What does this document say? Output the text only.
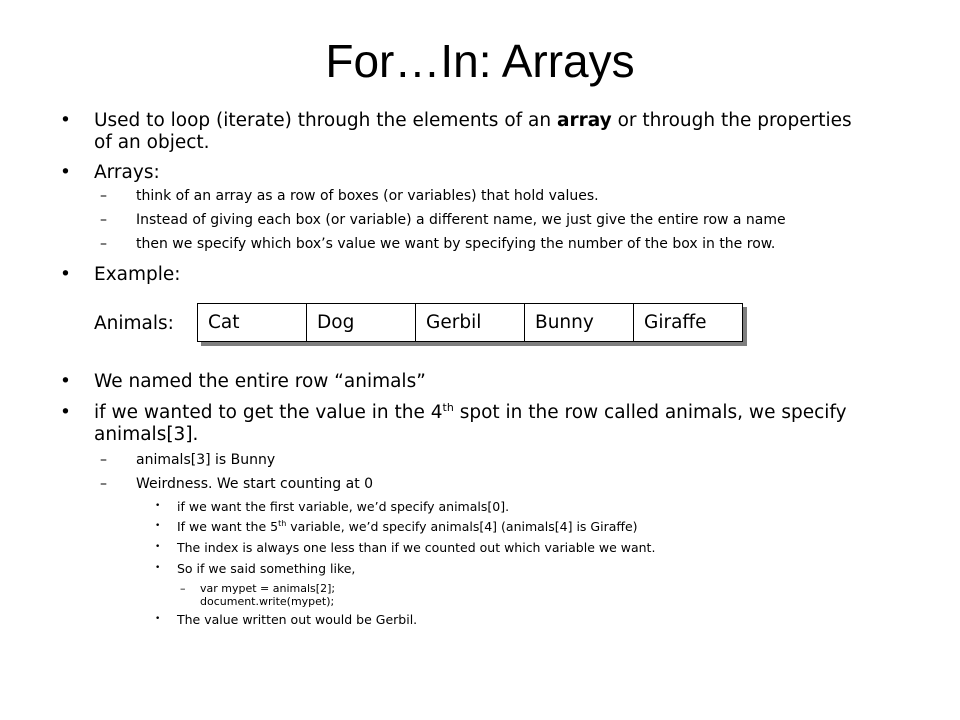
For…In: Arrays
• Used to loop (iterate) through the elements of an array or through the properties
of an object.
• Arrays:
– think of an array as a row of boxes (or variables) that hold values.
– Instead of giving each box (or variable) a different name, we just give the entire row a name
– then we specify which box’s value we want by specifying the number of the box in the row.
• Example:
Animals: Cat	Dog	Gerbil	Bunny	Giraffe
• We named the entire row “animals”
• if we wanted to get the value in the 4th spot in the row called animals, we specify
animals[3].
– animals[3] is Bunny
– Weirdness. We start counting at 0
• if we want the first variable, we’d specify animals[0].
• If we want the 5th variable, we’d specify animals[4] (animals[4] is Giraffe)
• The index is always one less than if we counted out which variable we want.
• So if we said something like,
– var mypet = animals[2];
document.write(mypet);
• The value written out would be Gerbil.
